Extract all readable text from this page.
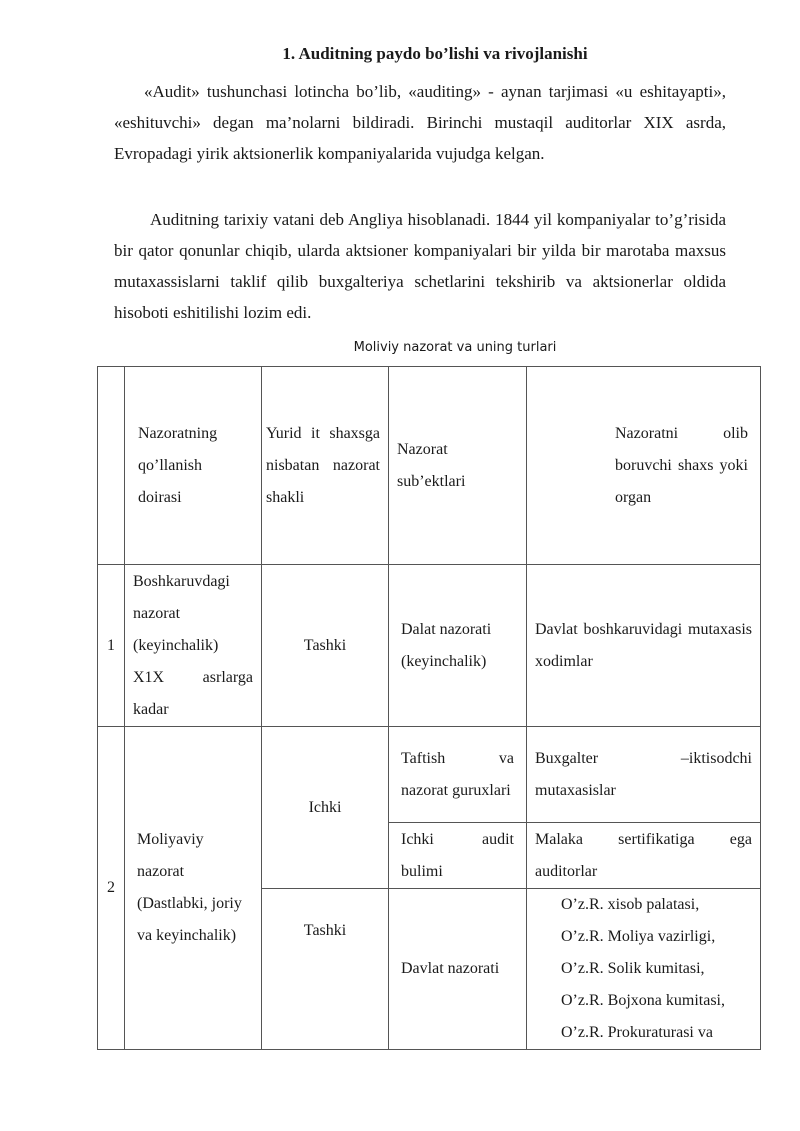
1. Auditning paydo bo’lishi va rivojlanishi

«Audit» tushunchasi lotincha bo’lib, «auditing» - aynan tarjimasi «u eshitayapti», «eshituvchi» degan ma’nolarni bildiradi. Birinchi mustaqil auditorlar XIX asrda, Evropadagi yirik aktsionerlik kompaniyalarida vujudga kelgan.

Auditning tarixiy vatani deb Angliya hisoblanadi. 1844 yil kompaniyalar to’g’risida bir qator qonunlar chiqib, ularda aktsioner kompaniyalari bir yilda bir marotaba maxsus mutaxassislarni taklif qilib buxgalteriya schetlarini tekshirib va aktsionerlar oldida hisoboti eshitilishi lozim edi.

Moliviy nazorat va uning turlari
	Nazoratning qo’llanish doirasi	Yurid it shaxsga nisbatan nazorat shakli	Nazorat sub’ektlari	Nazoratni olib boruvchi shaxs yoki organ
1	Boshkaruvdagi nazorat (keyinchalik) X1X asrlarga kadar	Tashki	Dalat nazorati (keyinchalik)	Davlat boshkaruvidagi mutaxasis xodimlar
2	Moliyaviy nazorat (Dastlabki, joriy va keyinchalik)	Ichki	Taftish va nazorat guruxlari	Buxgalter –iktisodchi mutaxasislar
			Ichki audit bulimi	Malaka sertifikatiga ega auditorlar
		Tashki	Davlat nazorati	O’z.R. xisob palatasi,
O’z.R. Moliya vazirligi,
O’z.R. Solik kumitasi,
O’z.R. Bojxona kumitasi,
O’z.R. Prokuraturasi va
